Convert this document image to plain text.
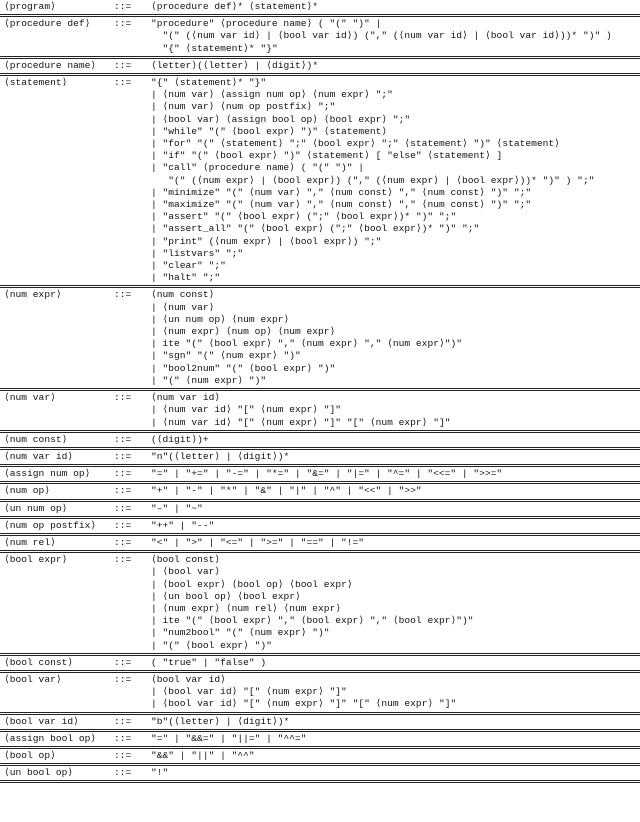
⟨program⟩	::=	⟨procedure def⟩* ⟨statement⟩*
⟨procedure def⟩	::=	"procedure" ⟨procedure name⟩ ( "(" ")" |
"(" (⟨num var id⟩ | ⟨bool var id⟩) ("," (⟨num var id⟩ | ⟨bool var id⟩))* ")" )
"{" ⟨statement⟩* "}"
⟨procedure name⟩	::=	⟨letter⟩(⟨letter⟩ | ⟨digit⟩)*
⟨statement⟩	::=	"{" ⟨statement⟩* "}"
| ⟨num var⟩ ⟨assign num op⟩ ⟨num expr⟩ ";"
| ⟨num var⟩ ⟨num op postfix⟩ ";"
| ⟨bool var⟩ ⟨assign bool op⟩ ⟨bool expr⟩ ";"
| "while" "(" ⟨bool expr⟩ ")" ⟨statement⟩
| "for" "(" ⟨statement⟩ ";" ⟨bool expr⟩ ";" ⟨statement⟩ ")" ⟨statement⟩
| "if" "(" ⟨bool expr⟩ ")" ⟨statement⟩ [ "else" ⟨statement⟩ ]
| "call" ⟨procedure name⟩ ( "(" ")" |
"(" (⟨num expr⟩ | ⟨bool expr⟩) ("," (⟨num expr⟩ | ⟨bool expr⟩))* ")" ) ";"
| "minimize" "(" ⟨num var⟩ "," ⟨num const⟩ "," ⟨num const⟩ ")" ";"
| "maximize" "(" ⟨num var⟩ "," ⟨num const⟩ "," ⟨num const⟩ ")" ";"
| "assert" "(" ⟨bool expr⟩ (";" ⟨bool expr⟩)* ")" ";"
| "assert_all" "(" ⟨bool expr⟩ (";" ⟨bool expr⟩)* ")" ";"
| "print" (⟨num expr⟩ | ⟨bool expr⟩) ";"
| "listvars" ";"
| "clear" ";"
| "halt" ";"
⟨num expr⟩	::=	⟨num const⟩
| ⟨num var⟩
| ⟨un num op⟩ ⟨num expr⟩
| ⟨num expr⟩ ⟨num op⟩ ⟨num expr⟩
| ite "(" ⟨bool expr⟩ "," ⟨num expr⟩ "," ⟨num expr⟩")"
| "sgn" "(" ⟨num expr⟩ ")"
| "bool2num" "(" ⟨bool expr⟩ ")"
| "(" ⟨num expr⟩ ")"
⟨num var⟩	::=	⟨num var id⟩
| ⟨num var id⟩ "[" ⟨num expr⟩ "]"
| ⟨num var id⟩ "[" ⟨num expr⟩ "]" "[" ⟨num expr⟩ "]"
⟨num const⟩	::=	(⟨digit⟩)+
⟨num var id⟩	::=	"n"(⟨letter⟩ | ⟨digit⟩)*
⟨assign num op⟩	::=	"=" | "+=" | "-=" | "*=" | "&=" | "|=" | "^=" | "<<=" | ">>="
⟨num op⟩	::=	"+" | "-" | "*" | "&" | "|" | "^" | "<<" | ">>"
⟨un num op⟩	::=	"–" | "~"
⟨num op postfix⟩	::=	"++" | "--"
⟨num rel⟩	::=	"<" | ">" | "<=" | ">=" | "==" | "!="
⟨bool expr⟩	::=	⟨bool const⟩
| ⟨bool var⟩
| ⟨bool expr⟩ ⟨bool op⟩ ⟨bool expr⟩
| ⟨un bool op⟩ ⟨bool expr⟩
| ⟨num expr⟩ ⟨num rel⟩ ⟨num expr⟩
| ite "(" ⟨bool expr⟩ "," ⟨bool expr⟩ "," ⟨bool expr⟩")"
| "num2bool" "(" ⟨num expr⟩ ")"
| "(" ⟨bool expr⟩ ")"
⟨bool const⟩	::=	( "true" | "false" )
⟨bool var⟩	::=	⟨bool var id⟩
| ⟨bool var id⟩ "[" ⟨num expr⟩ "]"
| ⟨bool var id⟩ "[" ⟨num expr⟩ "]" "[" ⟨num expr⟩ "]"
⟨bool var id⟩	::=	"b"(⟨letter⟩ | ⟨digit⟩)*
⟨assign bool op⟩	::=	"=" | "&&=" | "||=" | "^^="
⟨bool op⟩	::=	"&&" | "||" | "^^"
⟨un bool op⟩	::=	"!"
